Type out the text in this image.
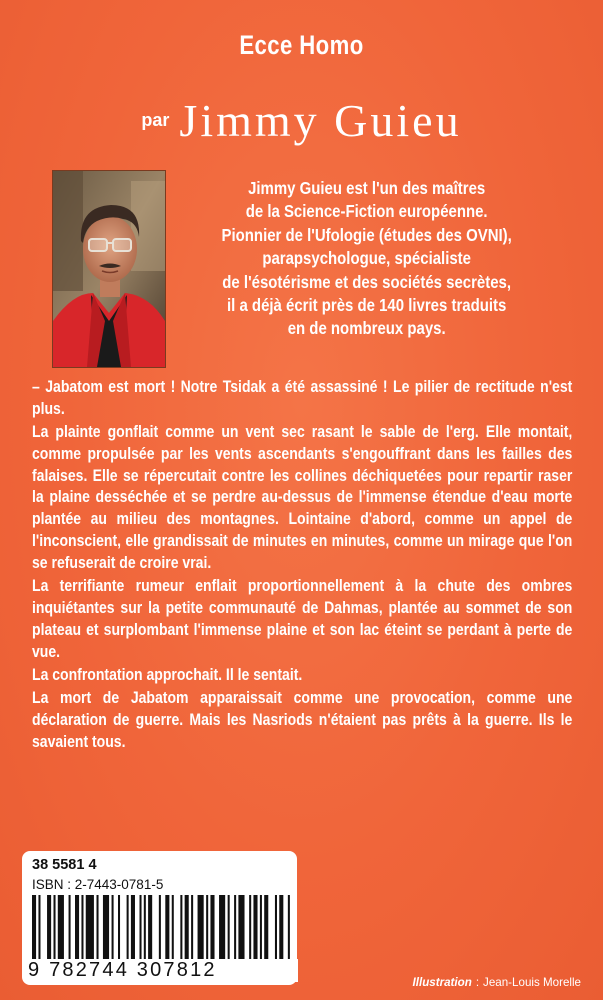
Ecce Homo
par Jimmy Guieu
Jimmy Guieu est l'un des maîtres
de la Science-Fiction européenne.
Pionnier de l'Ufologie (études des OVNI),
parapsychologue, spécialiste
de l'ésotérisme et des sociétés secrètes,
il a déjà écrit près de 140 livres traduits
en de nombreux pays.

– Jabatom est mort ! Notre Tsidak a été assassiné ! Le pilier de rectitude n'est plus.

La plainte gonflait comme un vent sec rasant le sable de l'erg. Elle montait, comme propulsée par les vents ascendants s'engouffrant dans les failles des falaises. Elle se répercutait contre les collines déchiquetées pour repartir raser la plaine desséchée et se perdre au-dessus de l'immense étendue d'eau morte plantée au milieu des montagnes. Lointaine d'abord, comme un appel de l'inconscient, elle grandissait de minutes en minutes, comme un mirage que l'on se refuserait de croire vrai.

La terrifiante rumeur enflait proportionnellement à la chute des ombres inquiétantes sur la petite communauté de Dahmas, plantée au sommet de son plateau et surplombant l'immense plaine et son lac éteint se perdant à perte de vue.

La confrontation approchait. Il le sentait.

La mort de Jabatom apparaissait comme une provocation, comme une déclaration de guerre. Mais les Nasriods n'étaient pas prêts à la guerre. Ils le savaient tous.

38 5581 4
ISBN : 2-7443-0781-5
9 782744 307812
Illustration : Jean-Louis Morelle
